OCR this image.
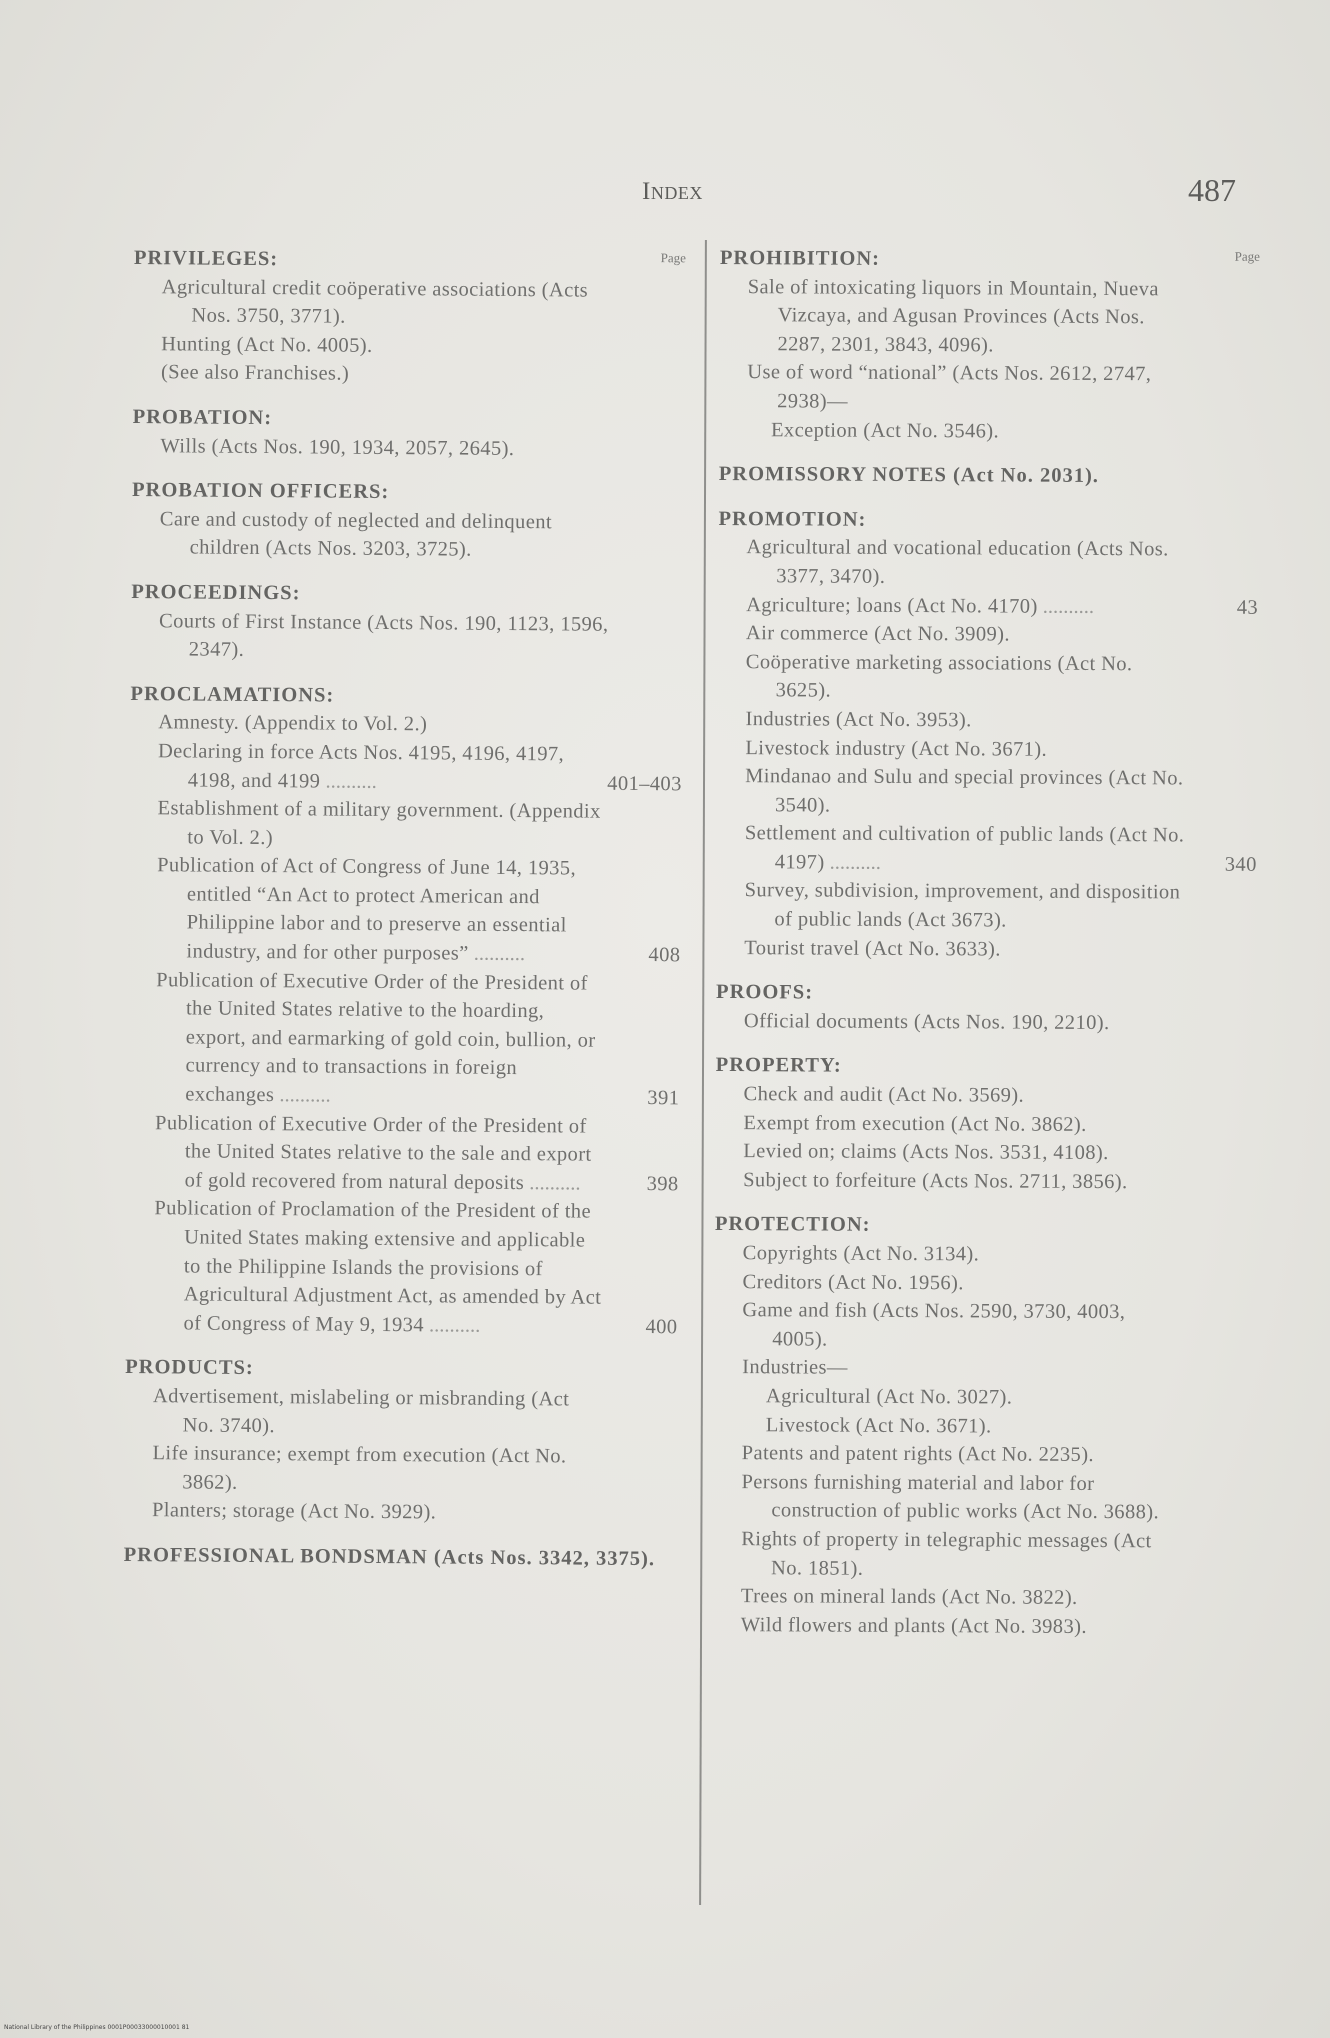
Index	487
Page
PRIVILEGES:
Agricultural credit coöperative associations (Acts Nos. 3750, 3771).
Hunting (Act No. 4005).
(See also Franchises.)
PROBATION:
Wills (Acts Nos. 190, 1934, 2057, 2645).
PROBATION OFFICERS:
Care and custody of neglected and delinquent children (Acts Nos. 3203, 3725).
PROCEEDINGS:
Courts of First Instance (Acts Nos. 190, 1123, 1596, 2347).
PROCLAMATIONS:
Amnesty. (Appendix to Vol. 2.)
Declaring in force Acts Nos. 4195, 4196, 4197, 4198, and 4199 ..........	401–403
Establishment of a military government. (Appendix to Vol. 2.)
Publication of Act of Congress of June 14, 1935, entitled “An Act to protect American and Philippine labor and to preserve an essential industry, and for other purposes” ..........	408
Publication of Executive Order of the President of the United States relative to the hoarding, export, and earmarking of gold coin, bullion, or currency and to transactions in foreign exchanges ..........	391
Publication of Executive Order of the President of the United States relative to the sale and export of gold recovered from natural deposits ..........	398
Publication of Proclamation of the President of the United States making extensive and applicable to the Philippine Islands the provisions of Agricultural Adjustment Act, as amended by Act of Congress of May 9, 1934 ..........	400
PRODUCTS:
Advertisement, mislabeling or misbranding (Act No. 3740).
Life insurance; exempt from execution (Act No. 3862).
Planters; storage (Act No. 3929).
PROFESSIONAL BONDSMAN (Acts Nos. 3342, 3375).
Page
PROHIBITION:
Sale of intoxicating liquors in Mountain, Nueva Vizcaya, and Agusan Provinces (Acts Nos. 2287, 2301, 3843, 4096).
Use of word “national” (Acts Nos. 2612, 2747, 2938)—
Exception (Act No. 3546).
PROMISSORY NOTES (Act No. 2031).
PROMOTION:
Agricultural and vocational education (Acts Nos. 3377, 3470).
Agriculture; loans (Act No. 4170) ..........	43
Air commerce (Act No. 3909).
Coöperative marketing associations (Act No. 3625).
Industries (Act No. 3953).
Livestock industry (Act No. 3671).
Mindanao and Sulu and special provinces (Act No. 3540).
Settlement and cultivation of public lands (Act No. 4197) ..........	340
Survey, subdivision, improvement, and disposition of public lands (Act 3673).
Tourist travel (Act No. 3633).
PROOFS:
Official documents (Acts Nos. 190, 2210).
PROPERTY:
Check and audit (Act No. 3569).
Exempt from execution (Act No. 3862).
Levied on; claims (Acts Nos. 3531, 4108).
Subject to forfeiture (Acts Nos. 2711, 3856).
PROTECTION:
Copyrights (Act No. 3134).
Creditors (Act No. 1956).
Game and fish (Acts Nos. 2590, 3730, 4003, 4005).
Industries—
Agricultural (Act No. 3027).
Livestock (Act No. 3671).
Patents and patent rights (Act No. 2235).
Persons furnishing material and labor for construction of public works (Act No. 3688).
Rights of property in telegraphic messages (Act No. 1851).
Trees on mineral lands (Act No. 3822).
Wild flowers and plants (Act No. 3983).
National Library of the Philippines 0001P00033000010001 81
